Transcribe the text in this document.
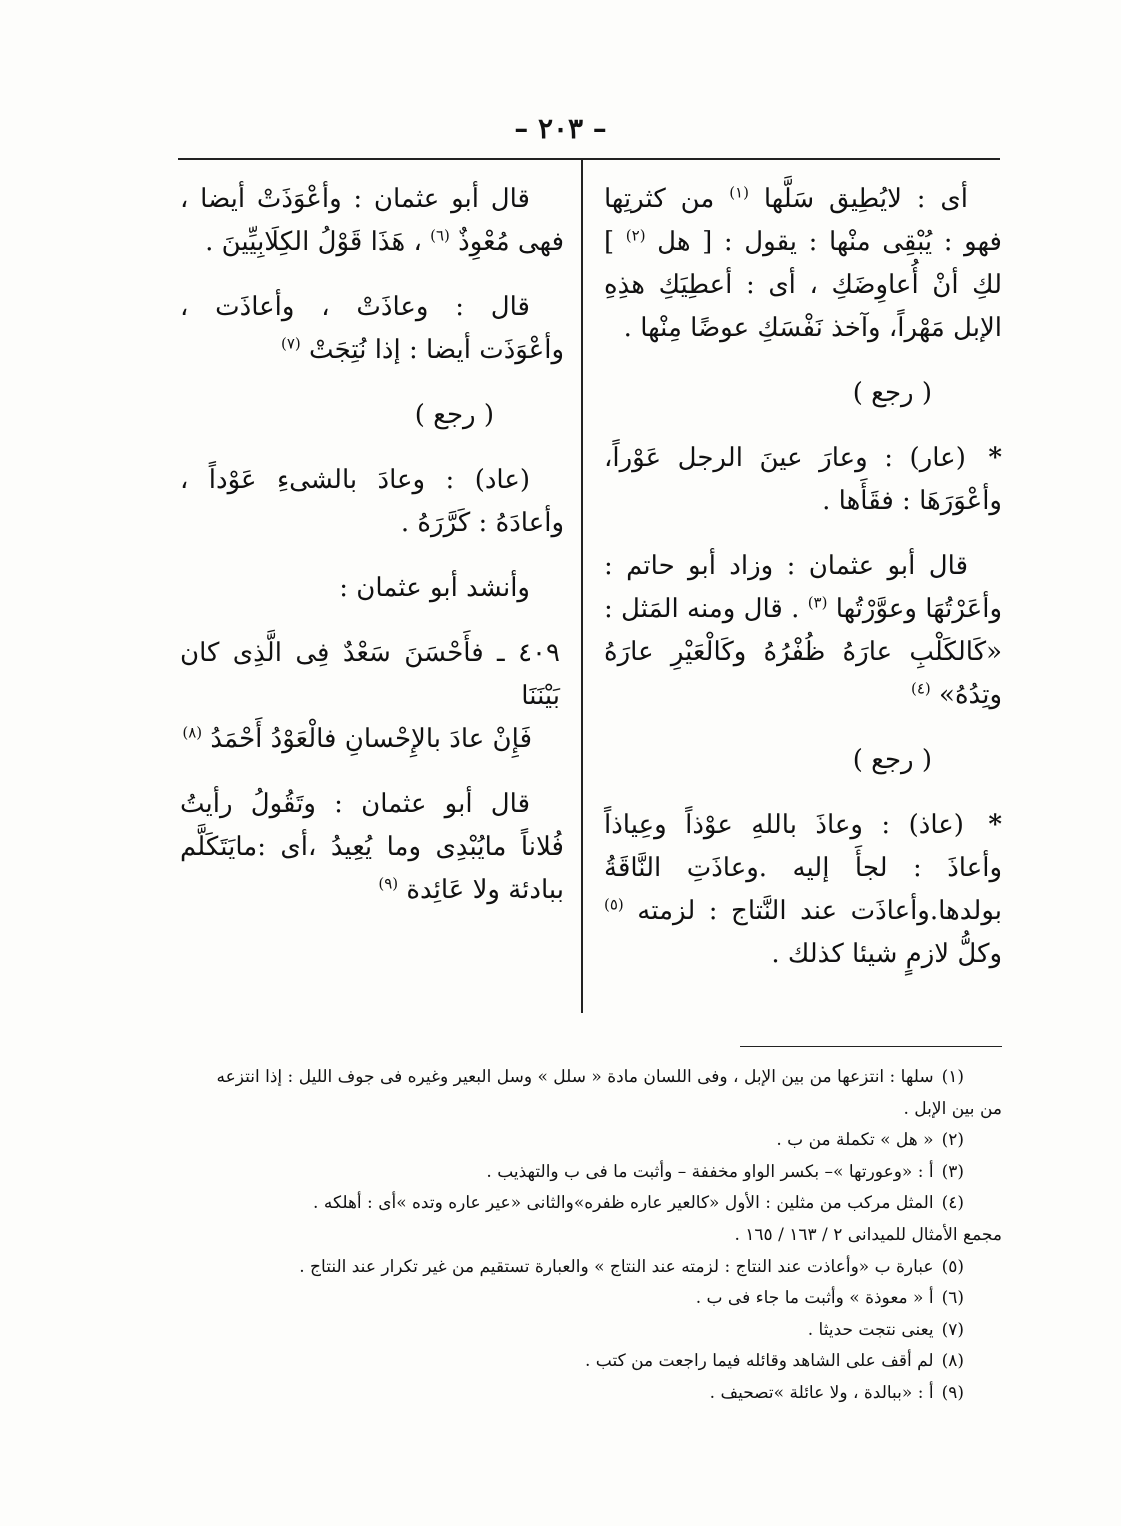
– ٢٠٣ –

أى : لايُطِيق سَلَّها $^{(١)}$ من كثرتِها فهو : يُبْقِى منْها : يقول : [ هل $^{(٢)}$ ] لكِ أنْ أُعاوِضَكِ ، أى : أعطِيَكِ هذِهِ الإبل مَهْراً، وآخذ نَفْسَكِ عوضًا مِنْها .

( رجع )

* (عار) : وعارَ عينَ الرجل عَوْراً، وأعْوَرَهَا : فقَأَها .

قال أبو عثمان : وزاد أبو حاتم : وأعَرْتُهَا وعوَّرْتُها $^{(٣)}$ . قال ومنه المَثل : «كَالكَلْبِ عارَهُ ظُفْرُهُ وكَالْعَيْرِ عارَهُ وتِدُهُ» $^{(٤)}$

( رجع )

* (عاذ) : وعاذَ باللهِ عوْذاً وعِياذاً وأعاذَ : لجأَ إليه .وعاذَتِ النَّاقَةُ بولدها.وأعاذَت عند النَّتاج : لزمته $^{(٥)}$ وكلُّ لازمٍ شيئا كذلك .

قال أبو عثمان : وأعْوَذَتْ أيضا ، فهى مُعْوِذٌ $^{(٦)}$ ، هَذَا قَوْلُ الكِلَابِيِّينَ .

قال : وعاذَتْ ، وأعاذَت ، وأعْوَذَت أيضا : إذا نُتِجَتْ $^{(٧)}$

( رجع )

(عاد) : وعادَ بالشىءِ عَوْداً ، وأعادَهُ : كَرَّرَهُ .

وأنشد أبو عثمان :

٤٠٩ ـ فأَحْسَنَ سَعْدٌ فِى الَّذِى كان بَيْنَنَا
فَإِنْ عادَ بالإِحْسانِ فالْعَوْدُ أَحْمَدُ $^{(٨)}$

قال أبو عثمان : وتَقُولُ رأيتُ فُلاناً مايُبْدِى وما يُعِيدُ ،أى :مايَتَكَلَّم ببادئة ولا عَائِدة $^{(٩)}$

(١)سلها : انتزعها من بين الإبل ، وفى اللسان مادة « سلل » وسل البعير وغيره فى جوف الليل : إذا انتزعه

من بين الإبل .

(٢)« هل » تكملة من ب .

(٣)أ : «وعورتها »– بكسر الواو مخففة – وأثبت ما فى ب والتهذيب .

(٤)المثل مركب من مثلين : الأول «كالعير عاره ظفره»والثانى «عير عاره وتده »أى : أهلكه .

مجمع الأمثال للميدانى ٢ / ١٦٣ / ١٦٥ .

(٥)عبارة ب «وأعاذت عند النتاج : لزمته عند النتاج » والعبارة تستقيم من غير تكرار عند النتاج .

(٦)أ « معوذة » وأثبت ما جاء فى ب .

(٧)يعنى نتجت حديثا .

(٨)لم أقف على الشاهد وقائله فيما راجعت من كتب .

(٩)أ : «ببالدة ، ولا عائلة »تصحيف .
